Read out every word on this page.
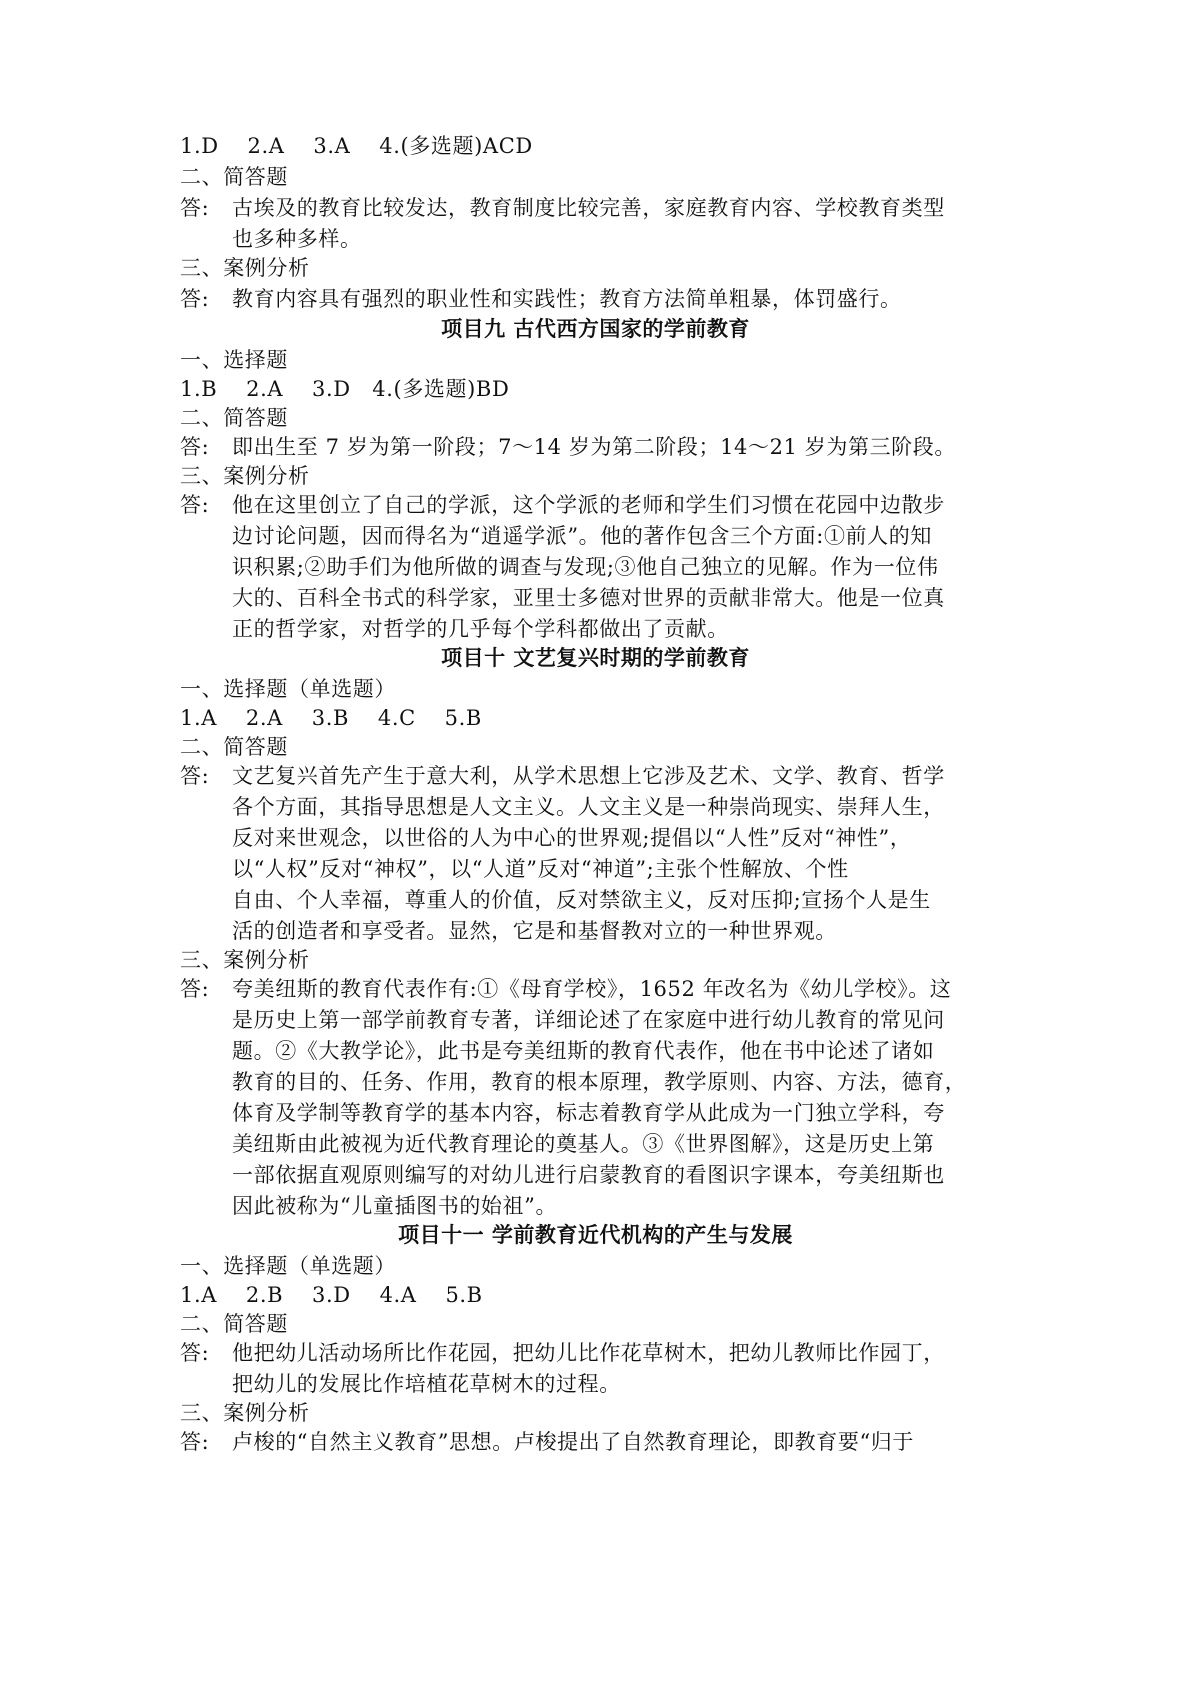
1.D　 2.A　 3.A　 4.(多选题)ACD
二、简答题
答: 古埃及的教育比较发达，教育制度比较完善，家庭教育内容、学校教育类型
也多种多样。
三、案例分析
答: 教育内容具有强烈的职业性和实践性；教育方法简单粗暴，体罚盛行。
项目九 古代西方国家的学前教育
一、选择题
1.B　 2.A　 3.D　4.(多选题)BD
二、简答题
答: 即出生至 7 岁为第一阶段；7～14 岁为第二阶段；14～21 岁为第三阶段。
三、案例分析
答: 他在这里创立了自己的学派，这个学派的老师和学生们习惯在花园中边散步
边讨论问题，因而得名为“逍遥学派”。他的著作包含三个方面:①前人的知
识积累;②助手们为他所做的调查与发现;③他自己独立的见解。作为一位伟
大的、百科全书式的科学家，亚里士多德对世界的贡献非常大。他是一位真
正的哲学家，对哲学的几乎每个学科都做出了贡献。
项目十 文艺复兴时期的学前教育
一、选择题（单选题）
1.A　 2.A　 3.B　 4.C　 5.B
二、简答题
答: 文艺复兴首先产生于意大利，从学术思想上它涉及艺术、文学、教育、哲学
各个方面，其指导思想是人文主义。人文主义是一种崇尚现实、崇拜人生，
反对来世观念，以世俗的人为中心的世界观;提倡以“人性”反对“神性”，
以“人权”反对“神权”，以“人道”反对“神道”;主张个性解放、个性
自由、个人幸福，尊重人的价值，反对禁欲主义，反对压抑;宣扬个人是生
活的创造者和享受者。显然，它是和基督教对立的一种世界观。
三、案例分析
答: 夸美纽斯的教育代表作有:①《母育学校》，1652 年改名为《幼儿学校》。这
是历史上第一部学前教育专著，详细论述了在家庭中进行幼儿教育的常见问
题。②《大教学论》，此书是夸美纽斯的教育代表作，他在书中论述了诸如
教育的目的、任务、作用，教育的根本原理，教学原则、内容、方法，德育，
体育及学制等教育学的基本内容，标志着教育学从此成为一门独立学科，夸
美纽斯由此被视为近代教育理论的奠基人。③《世界图解》，这是历史上第
一部依据直观原则编写的对幼儿进行启蒙教育的看图识字课本，夸美纽斯也
因此被称为“儿童插图书的始祖”。
项目十一 学前教育近代机构的产生与发展
一、选择题（单选题）
1.A　 2.B　 3.D　 4.A　 5.B
二、简答题
答: 他把幼儿活动场所比作花园，把幼儿比作花草树木，把幼儿教师比作园丁，
把幼儿的发展比作培植花草树木的过程。
三、案例分析
答: 卢梭的“自然主义教育”思想。卢梭提出了自然教育理论，即教育要“归于
